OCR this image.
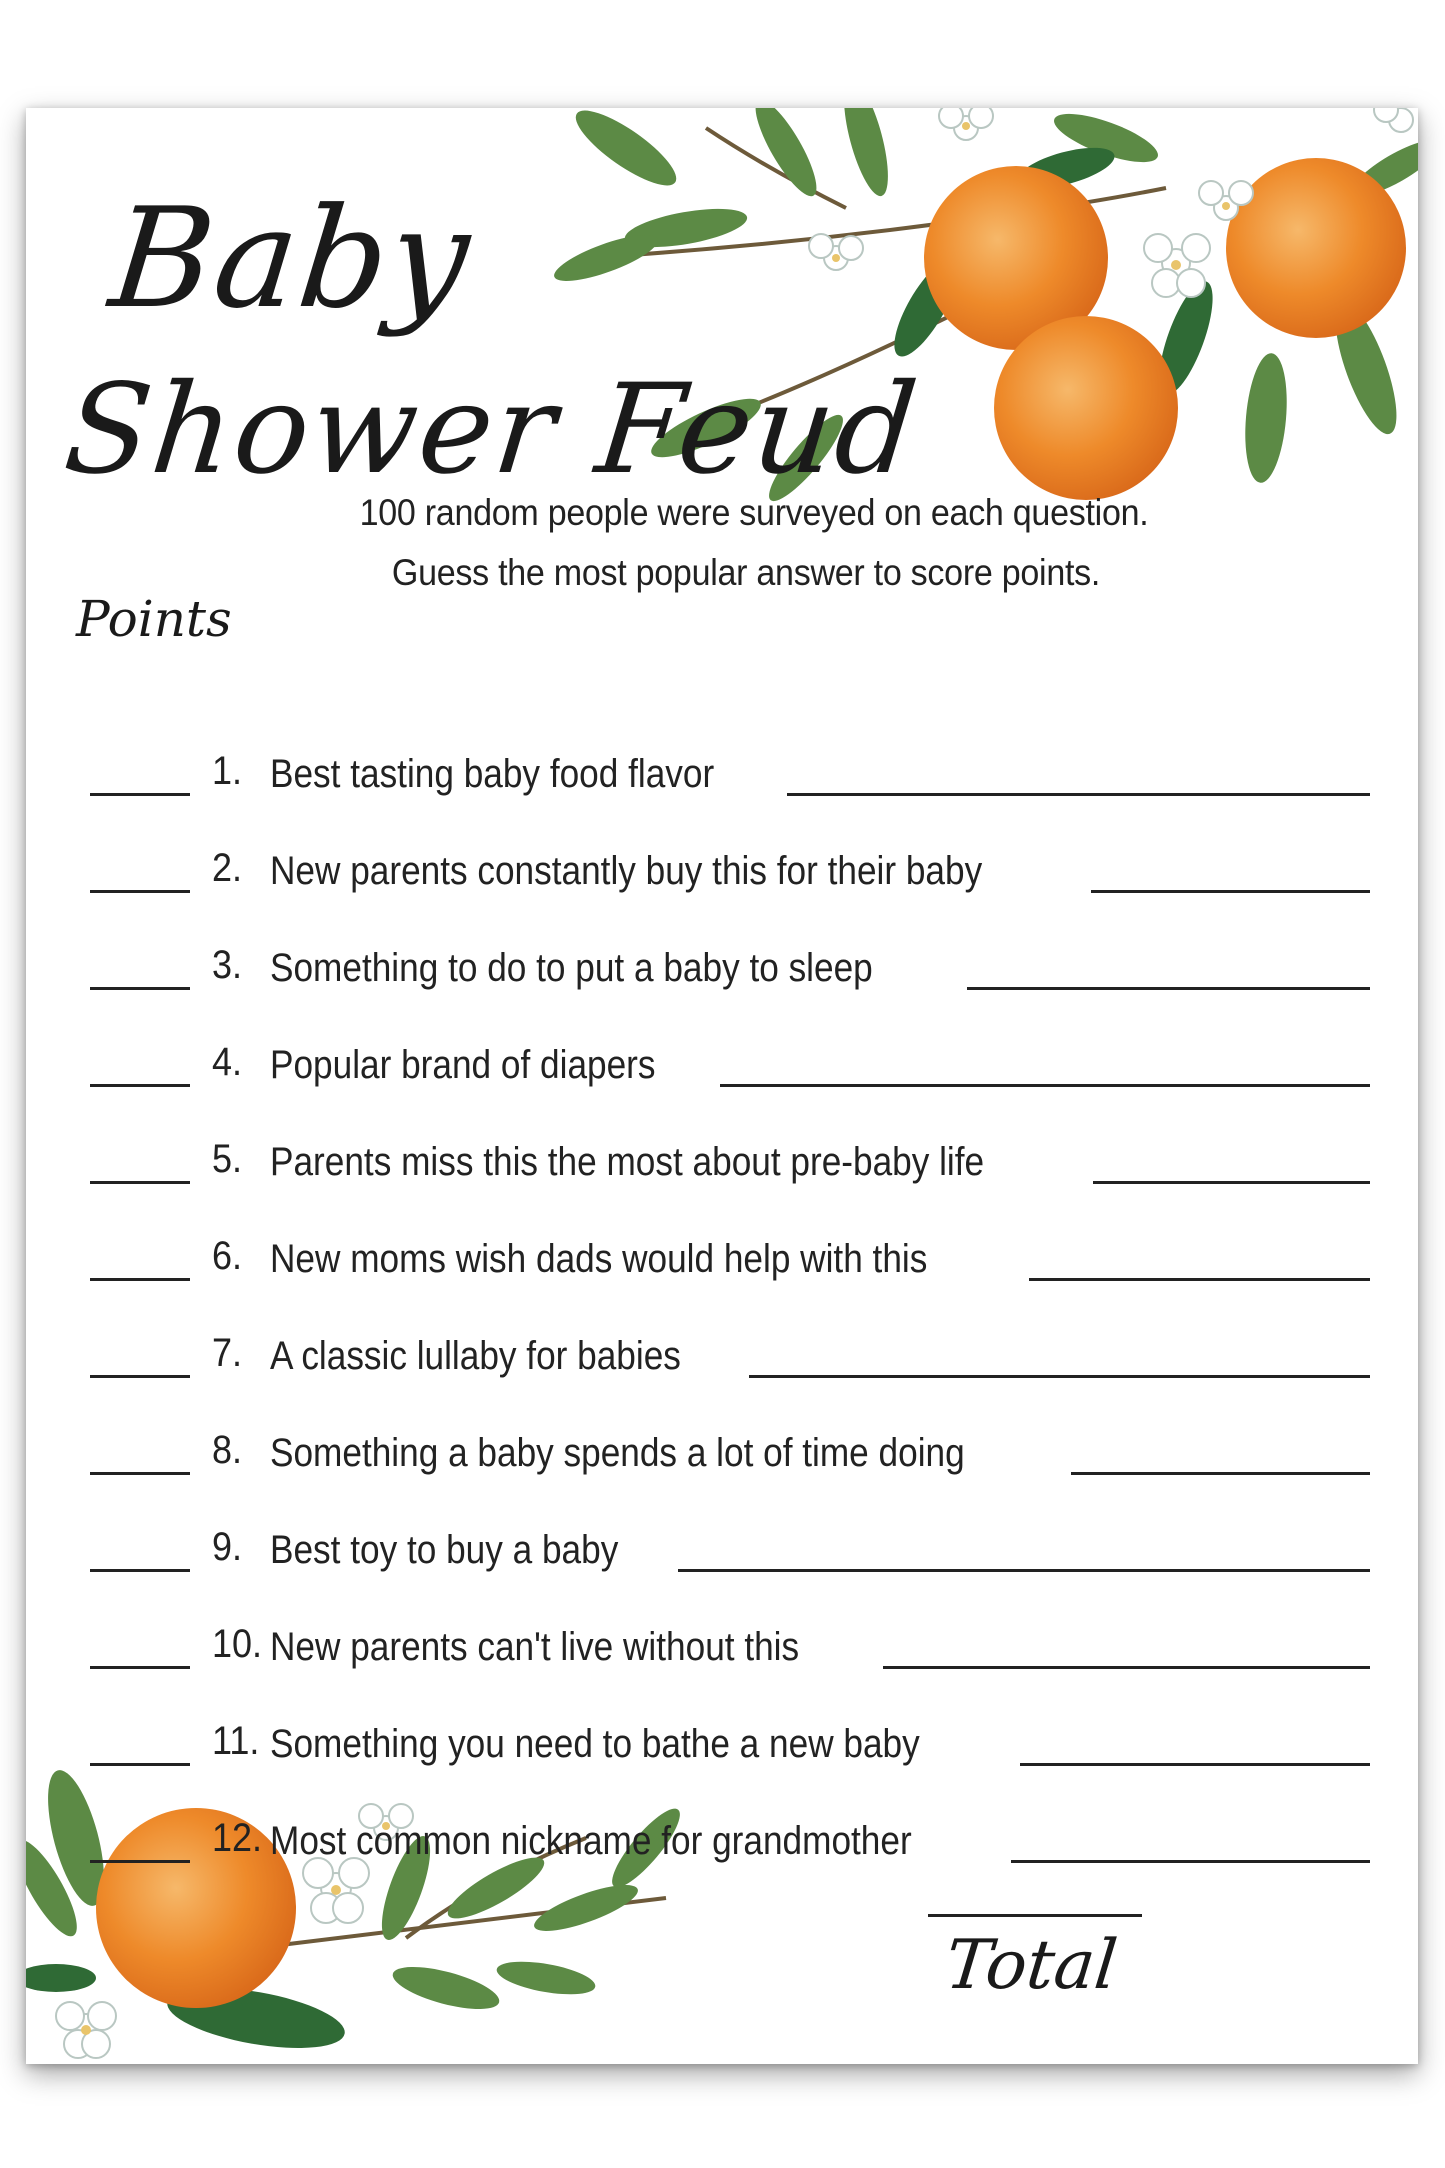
Baby
Shower Feud
100 random people were surveyed on each question.
Guess the most popular answer to score points.
Points
1. Best tasting baby food flavor
2. New parents constantly buy this for their baby
3. Something to do to put a baby to sleep
4. Popular brand of diapers
5. Parents miss this the most about pre-baby life
6. New moms wish dads would help with this
7. A classic lullaby for babies
8. Something a baby spends a lot of time doing
9. Best toy to buy a baby
10. New parents can't live without this
11. Something you need to bathe a new baby
12. Most common nickname for grandmother
Total
